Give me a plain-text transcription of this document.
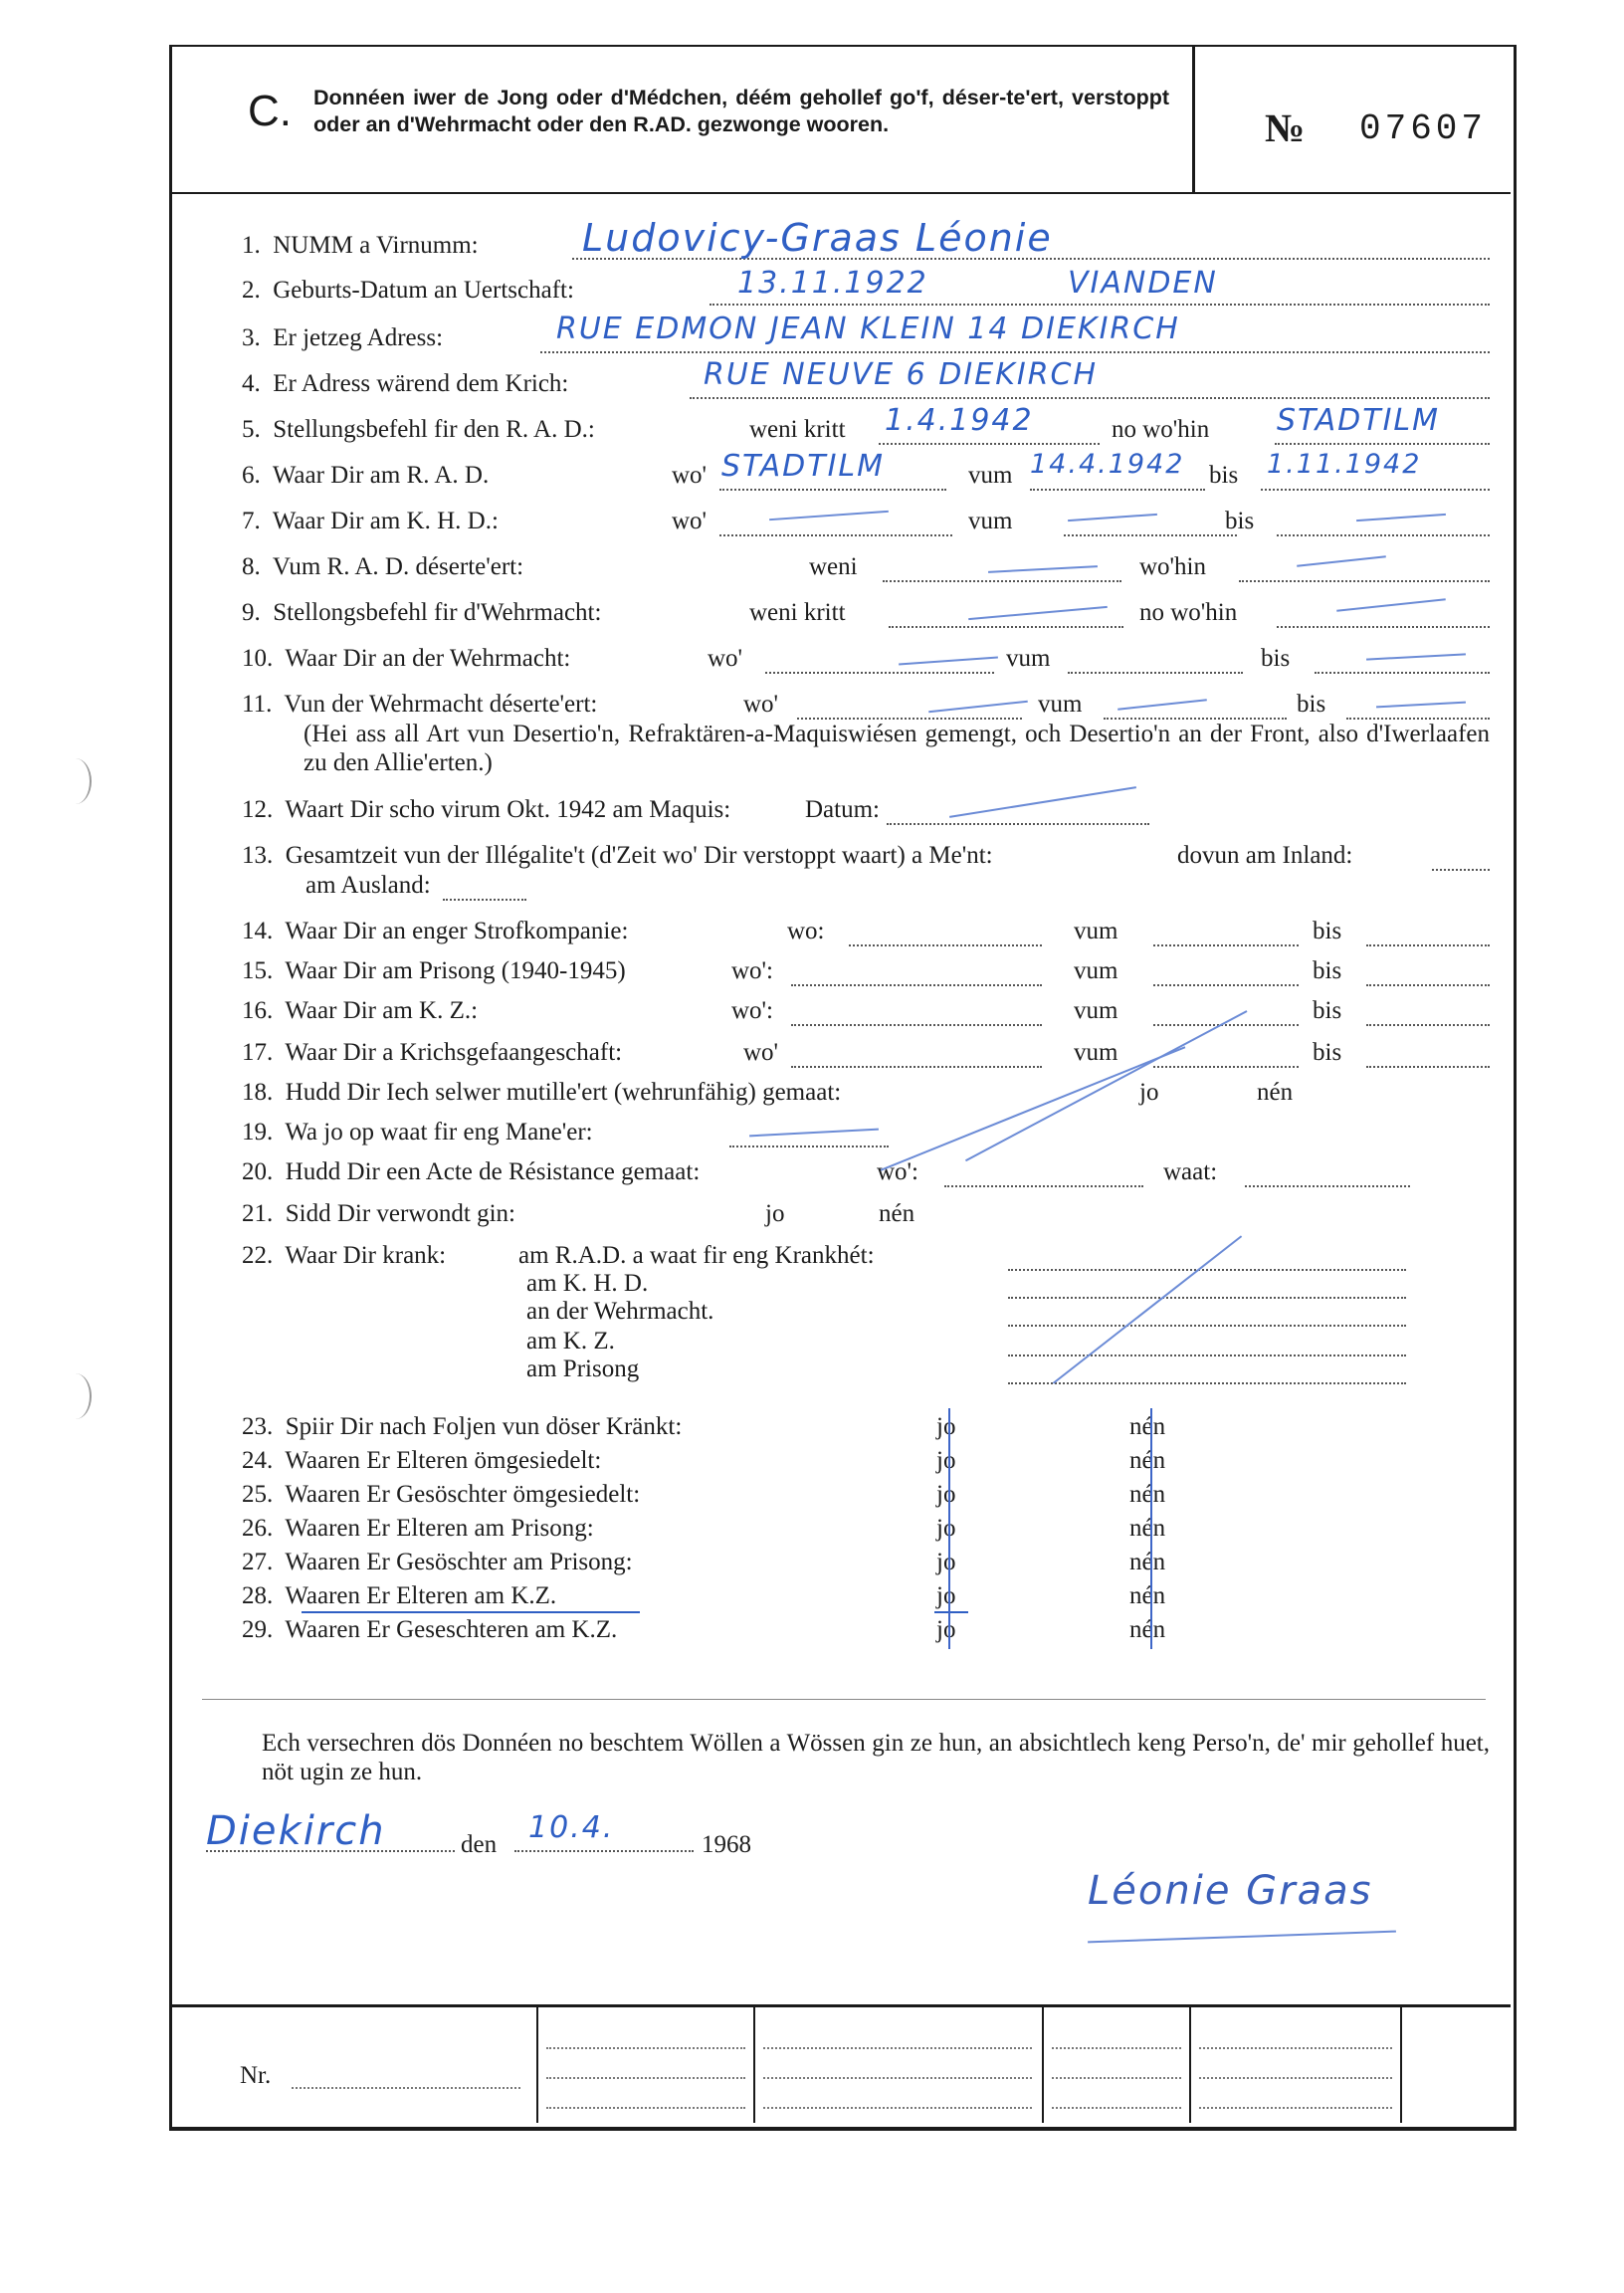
C. Donnéen iwer de Jong oder d'Médchen, déém gehollef go'f, déser-te'ert, verstoppt oder an d'Wehrmacht oder den R.AD. gezwonge wooren.	№ 07607
1. NUMM a Virnumm:	Ludovicy-Graas Léonie
2. Geburts-Datum an Uertschaft:	13.11.1922	VIANDEN
3. Er jetzeg Adress:	RUE EDMON JEAN KLEIN 14 DIEKIRCH
4. Er Adress wärend dem Krich:	RUE NEUVE 6 DIEKIRCH
5. Stellungsbefehl fir den R. A. D.:	weni kritt 1.4.1942	no wo'hin STADTILM
6. Waar Dir am R. A. D.	wo' STADTILM	vum 14.4.1942 bis 1.11.1942
7. Waar Dir am K. H. D.:	wo'	vum	bis
8. Vum R. A. D. déserte'ert:	weni	wo'hin
9. Stellongsbefehl fir d'Wehrmacht:	weni kritt	no wo'hin
10. Waar Dir an der Wehrmacht:	wo'	vum	bis
11. Vun der Wehrmacht déserte'ert:	wo'	vum	bis
(Hei ass all Art vun Desertio'n, Refraktären-a-Maquiswiésen gemengt, och Desertio'n an der Front, also d'Iwerlaafen zu den Allie'erten.)
12. Waart Dir scho virum Okt. 1942 am Maquis:	Datum:
13. Gesamtzeit vun der Illégalite't (d'Zeit wo' Dir verstoppt waart) a Me'nt:	dovun am Inland:
am Ausland:
14. Waar Dir an enger Strofkompanie:	wo:	vum	bis
15. Waar Dir am Prisong (1940-1945)	wo':	vum	bis
16. Waar Dir am K. Z.:	wo':	vum	bis
17. Waar Dir a Krichsgefaangeschaft:	wo'	vum	bis
18. Hudd Dir Iech selwer mutille'ert (wehrunfähig) gemaat:	jo	nén
19. Wa jo op waat fir eng Mane'er:
20. Hudd Dir een Acte de Résistance gemaat:	wo':	waat:
21. Sidd Dir verwondt gin:	jo	nén
22. Waar Dir krank:	am R.A.D. a waat fir eng Krankhét:
am K. H. D.
an der Wehrmacht.
am K. Z.
am Prisong
23. Spiir Dir nach Foljen vun döser Kränkt:	jo	nén
24. Waaren Er Elteren ömgesiedelt:	jo	nén
25. Waaren Er Gesöschter ömgesiedelt:	jo	nén
26. Waaren Er Elteren am Prisong:	jo	nén
27. Waaren Er Gesöschter am Prisong:	jo	nén
28. Waaren Er Elteren am K.Z.	jo	nén
29. Waaren Er Geseschteren am K.Z.	jo	nén
Ech versechren dös Donnéen no beschtem Wöllen a Wössen gin ze hun, an absichtlech keng Perso'n, de' mir gehollef huet, nöt ugin ze hun.
Diekirch	den 10.4.	1968
Léonie Graas
Nr.
